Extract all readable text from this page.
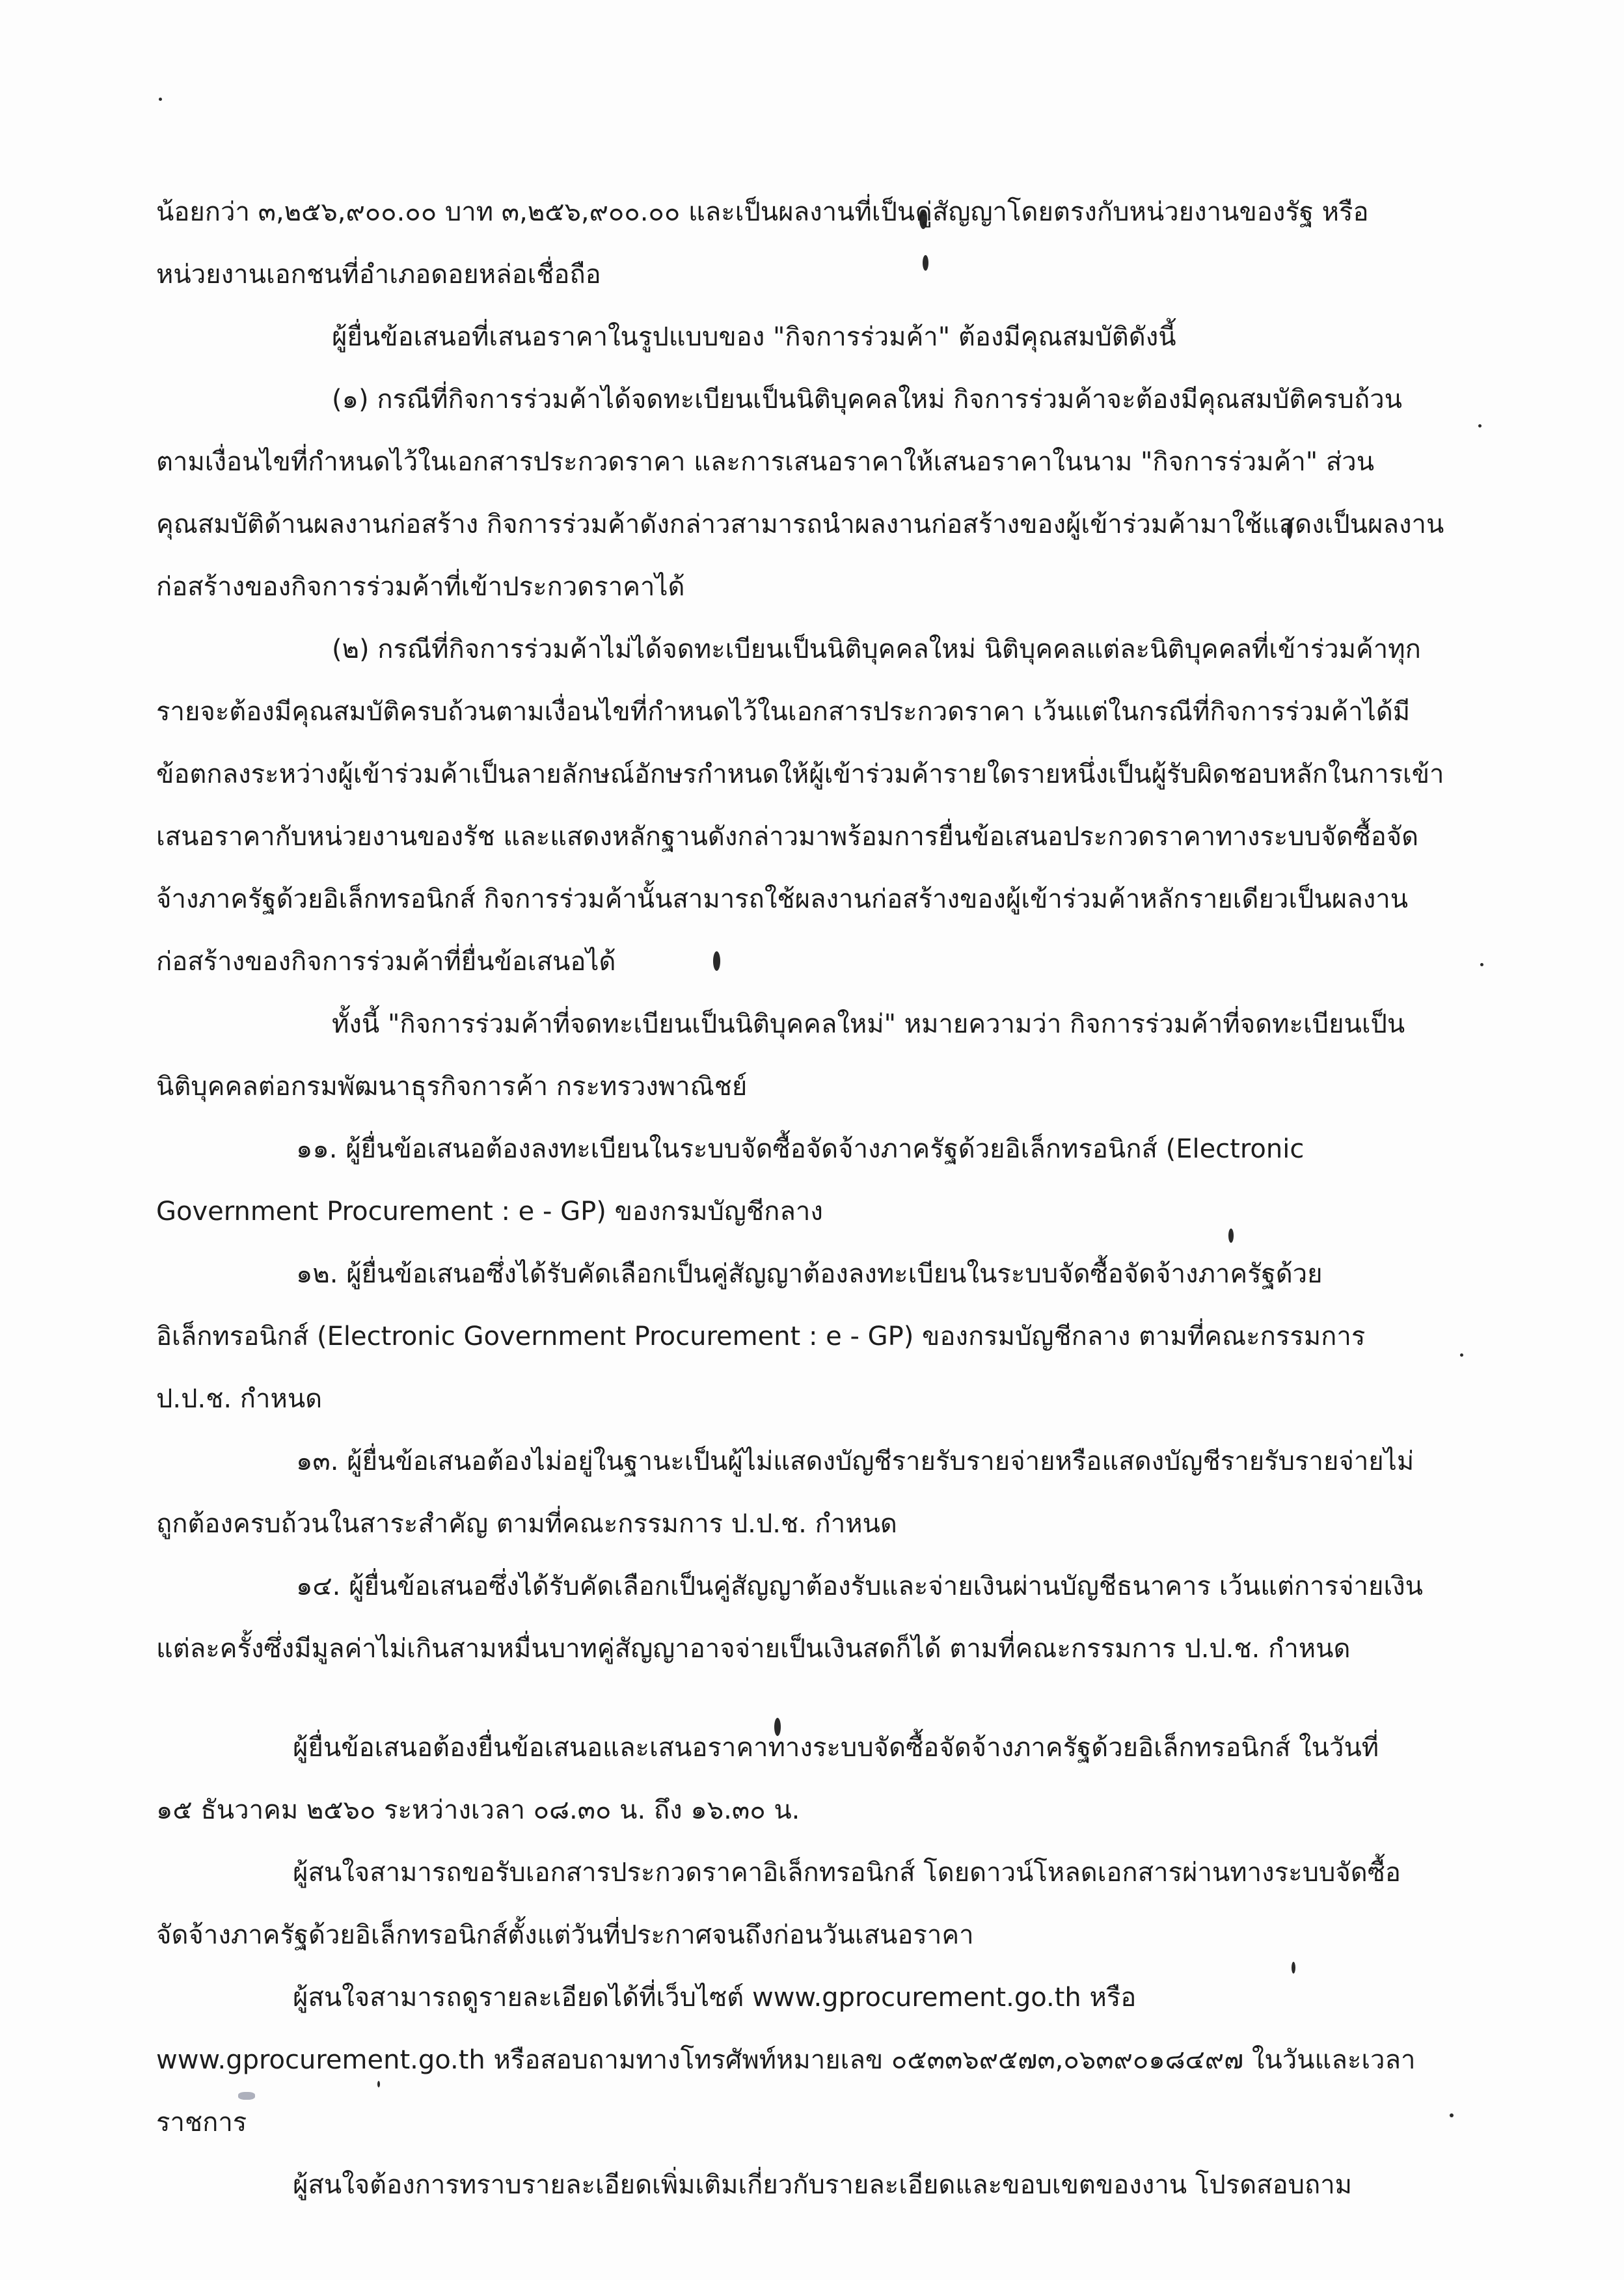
น้อยกว่า ๓,๒๕๖,๙๐๐.๐๐ บาท ๓,๒๕๖,๙๐๐.๐๐ และเป็นผลงานที่เป็นคู่สัญญาโดยตรงกับหน่วยงานของรัฐ หรือ
หน่วยงานเอกชนที่อำเภอดอยหล่อเชื่อถือ
ผู้ยื่นข้อเสนอที่เสนอราคาในรูปแบบของ "กิจการร่วมค้า" ต้องมีคุณสมบัติดังนี้
(๑) กรณีที่กิจการร่วมค้าได้จดทะเบียนเป็นนิติบุคคลใหม่ กิจการร่วมค้าจะต้องมีคุณสมบัติครบถ้วน
ตามเงื่อนไขที่กำหนดไว้ในเอกสารประกวดราคา และการเสนอราคาให้เสนอราคาในนาม "กิจการร่วมค้า" ส่วน
คุณสมบัติด้านผลงานก่อสร้าง กิจการร่วมค้าดังกล่าวสามารถนำผลงานก่อสร้างของผู้เข้าร่วมค้ามาใช้แสดงเป็นผลงาน
ก่อสร้างของกิจการร่วมค้าที่เข้าประกวดราคาได้
(๒) กรณีที่กิจการร่วมค้าไม่ได้จดทะเบียนเป็นนิติบุคคลใหม่ นิติบุคคลแต่ละนิติบุคคลที่เข้าร่วมค้าทุก
รายจะต้องมีคุณสมบัติครบถ้วนตามเงื่อนไขที่กำหนดไว้ในเอกสารประกวดราคา เว้นแต่ในกรณีที่กิจการร่วมค้าได้มี
ข้อตกลงระหว่างผู้เข้าร่วมค้าเป็นลายลักษณ์อักษรกำหนดให้ผู้เข้าร่วมค้ารายใดรายหนึ่งเป็นผู้รับผิดชอบหลักในการเข้า
เสนอราคากับหน่วยงานของรัช และแสดงหลักฐานดังกล่าวมาพร้อมการยื่นข้อเสนอประกวดราคาทางระบบจัดซื้อจัด
จ้างภาครัฐด้วยอิเล็กทรอนิกส์ กิจการร่วมค้านั้นสามารถใช้ผลงานก่อสร้างของผู้เข้าร่วมค้าหลักรายเดียวเป็นผลงาน
ก่อสร้างของกิจการร่วมค้าที่ยื่นข้อเสนอได้
ทั้งนี้ "กิจการร่วมค้าที่จดทะเบียนเป็นนิติบุคคลใหม่" หมายความว่า กิจการร่วมค้าที่จดทะเบียนเป็น
นิติบุคคลต่อกรมพัฒนาธุรกิจการค้า กระทรวงพาณิชย์
๑๑. ผู้ยื่นข้อเสนอต้องลงทะเบียนในระบบจัดซื้อจัดจ้างภาครัฐด้วยอิเล็กทรอนิกส์ (Electronic
Government Procurement : e - GP) ของกรมบัญชีกลาง
๑๒. ผู้ยื่นข้อเสนอซึ่งได้รับคัดเลือกเป็นคู่สัญญาต้องลงทะเบียนในระบบจัดซื้อจัดจ้างภาครัฐด้วย
อิเล็กทรอนิกส์ (Electronic Government Procurement : e - GP) ของกรมบัญชีกลาง ตามที่คณะกรรมการ
ป.ป.ช. กำหนด
๑๓. ผู้ยื่นข้อเสนอต้องไม่อยู่ในฐานะเป็นผู้ไม่แสดงบัญชีรายรับรายจ่ายหรือแสดงบัญชีรายรับรายจ่ายไม่
ถูกต้องครบถ้วนในสาระสำคัญ ตามที่คณะกรรมการ ป.ป.ช. กำหนด
๑๔. ผู้ยื่นข้อเสนอซึ่งได้รับคัดเลือกเป็นคู่สัญญาต้องรับและจ่ายเงินผ่านบัญชีธนาคาร เว้นแต่การจ่ายเงิน
แต่ละครั้งซึ่งมีมูลค่าไม่เกินสามหมื่นบาทคู่สัญญาอาจจ่ายเป็นเงินสดก็ได้ ตามที่คณะกรรมการ ป.ป.ช. กำหนด
ผู้ยื่นข้อเสนอต้องยื่นข้อเสนอและเสนอราคาทางระบบจัดซื้อจัดจ้างภาครัฐด้วยอิเล็กทรอนิกส์ ในวันที่
๑๕ ธันวาคม ๒๕๖๐ ระหว่างเวลา ๐๘.๓๐ น. ถึง ๑๖.๓๐ น.
ผู้สนใจสามารถขอรับเอกสารประกวดราคาอิเล็กทรอนิกส์ โดยดาวน์โหลดเอกสารผ่านทางระบบจัดซื้อ
จัดจ้างภาครัฐด้วยอิเล็กทรอนิกส์ตั้งแต่วันที่ประกาศจนถึงก่อนวันเสนอราคา
ผู้สนใจสามารถดูรายละเอียดได้ที่เว็บไซต์ www.gprocurement.go.th หรือ
www.gprocurement.go.th หรือสอบถามทางโทรศัพท์หมายเลข ๐๕๓๓๖๙๕๗๓,๐๖๓๙๐๑๘๔๙๗ ในวันและเวลา
ราชการ
ผู้สนใจต้องการทราบรายละเอียดเพิ่มเติมเกี่ยวกับรายละเอียดและขอบเขตของงาน โปรดสอบถาม
